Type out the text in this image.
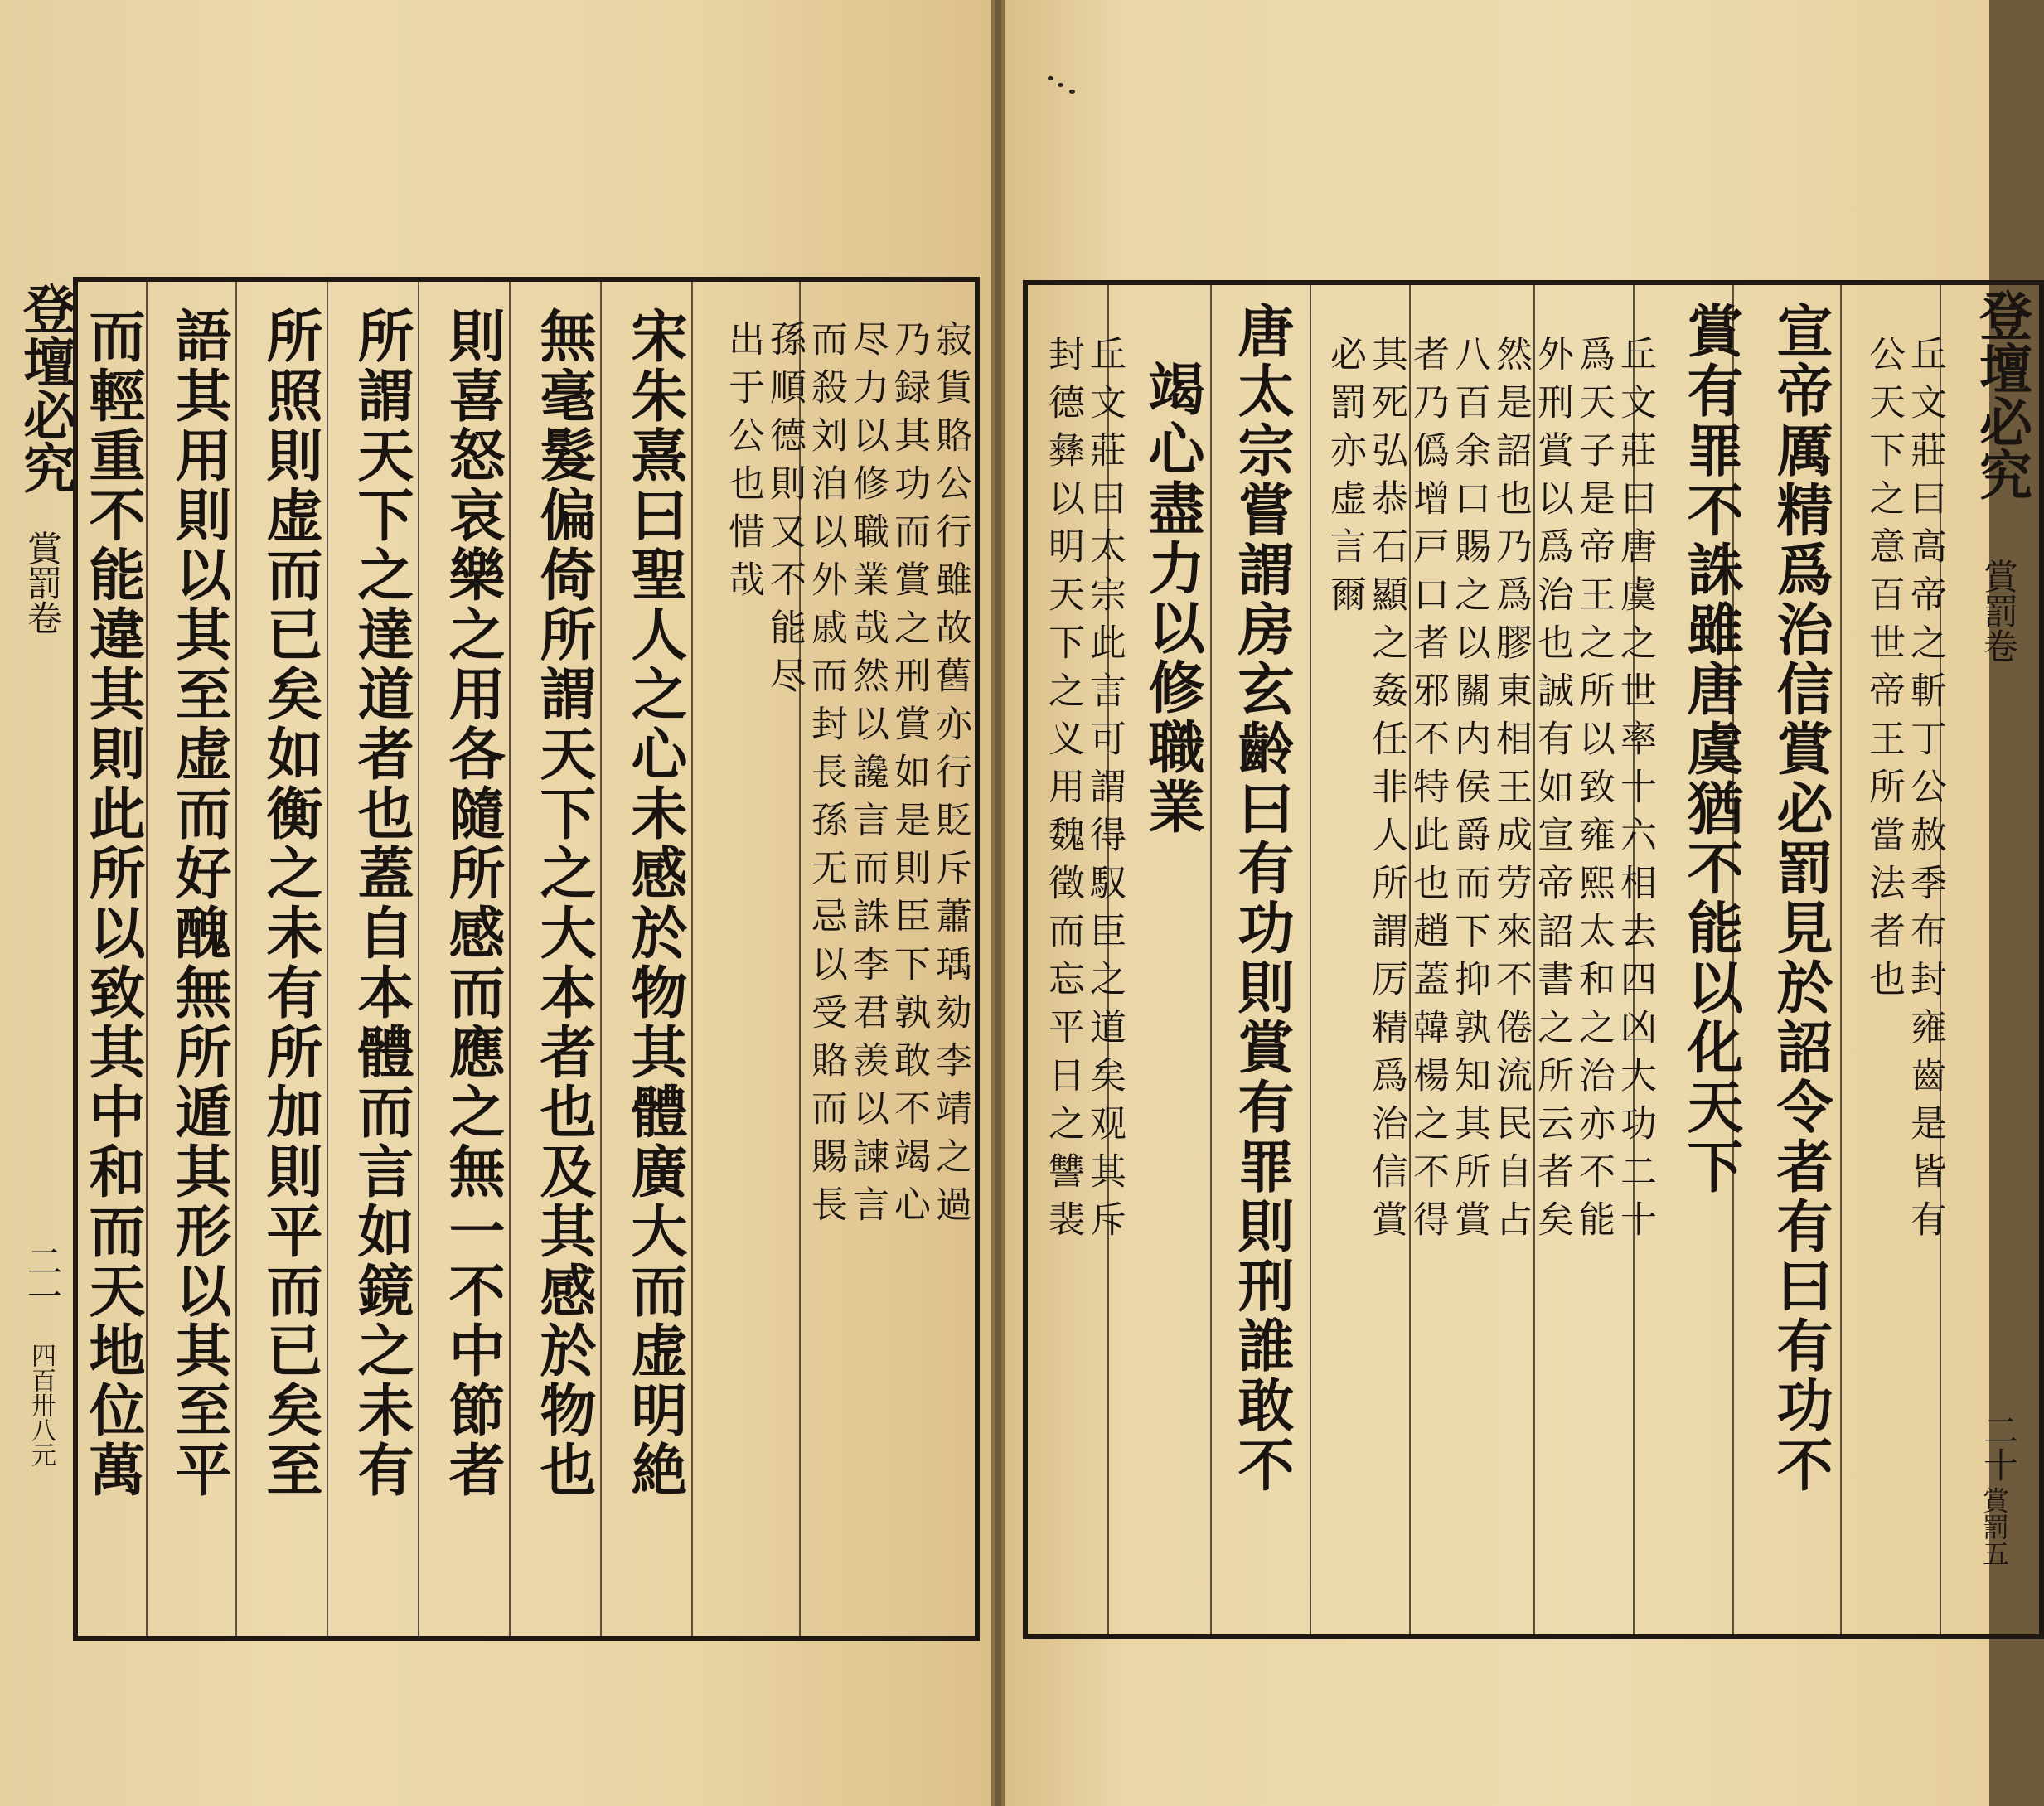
登壇必究
賞罰卷
二一
四百卅八元
寂貨賂公行雖故舊亦行貶斥蕭瑀劾李靖之過
乃録其功而賞之刑賞如是則臣下孰敢不竭心
尽力以修職業哉然以讒言而誅李君羡以諫言
而殺刘洎以外戚而封長孫无忌以受賂而賜長
孫順德則又不能尽
出于公也惜哉
宋朱熹曰聖人之心未感於物其體廣大而虚明絶
無毫髮偏倚所謂天下之大本者也及其感於物也
則喜怒哀樂之用各隨所感而應之無一不中節者
所謂天下之達道者也蓋自本體而言如鏡之未有
所照則虚而已矣如衡之未有所加則平而已矣至
語其用則以其至虚而好醜無所遁其形以其至平
而輕重不能違其則此所以致其中和而天地位萬	封德彝以明天下之义用魏徵而忘平日之讐裴 丘文莊曰太宗此言可謂得馭臣之道矣观其斥 竭心盡力以修職業 唐太宗嘗謂房玄齡曰有功則賞有罪則刑誰敢不 必罰亦虚言爾 其死弘恭石顯之姦任非人所謂厉精爲治信賞 者乃僞增戸口者邪不特此也趙蓋韓楊之不得 八百余口賜之以關内侯爵而下抑孰知其所賞 然是詔也乃爲膠東相王成劳來不倦流民自占 外刑賞以爲治也誠有如宣帝詔書之所云者矣 爲天子是帝王之所以致雍熙太和之治亦不能 丘文莊曰唐虞之世率十六相去四凶大功二十 賞有罪不誅雖唐虞猶不能以化天下 宣帝厲精爲治信賞必罰見於詔令者有曰有功不 公天下之意百世帝王所當法者也 丘文莊曰高帝之斬丁公赦季布封雍齒是皆有 登壇必究
賞罰卷
二十
賞罰五
